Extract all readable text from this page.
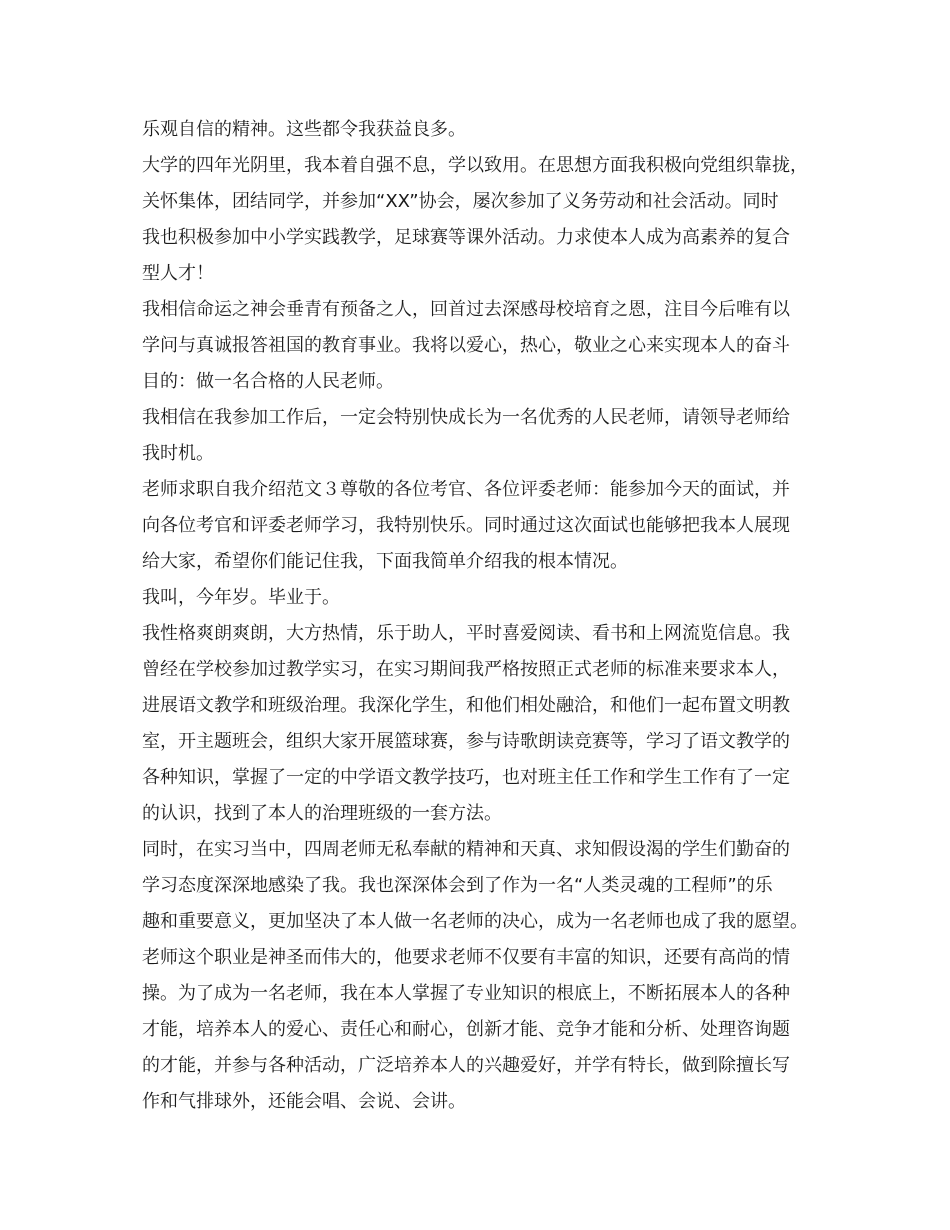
乐观自信的精神。这些都令我获益良多。
大学的四年光阴里，我本着自强不息，学以致用。在思想方面我积极向党组织靠拢，
关怀集体，团结同学，并参加“XX”协会，屡次参加了义务劳动和社会活动。同时
我也积极参加中小学实践教学，足球赛等课外活动。力求使本人成为高素养的复合
型人才！
我相信命运之神会垂青有预备之人，回首过去深感母校培育之恩，注目今后唯有以
学问与真诚报答祖国的教育事业。我将以爱心，热心，敬业之心来实现本人的奋斗
目的：做一名合格的人民老师。
我相信在我参加工作后，一定会特别快成长为一名优秀的人民老师，请领导老师给
我时机。
老师求职自我介绍范文３尊敬的各位考官、各位评委老师：能参加今天的面试，并
向各位考官和评委老师学习，我特别快乐。同时通过这次面试也能够把我本人展现
给大家，希望你们能记住我，下面我简单介绍我的根本情况。
我叫，今年岁。毕业于。
我性格爽朗爽朗，大方热情，乐于助人，平时喜爱阅读、看书和上网流览信息。我
曾经在学校参加过教学实习，在实习期间我严格按照正式老师的标准来要求本人，
进展语文教学和班级治理。我深化学生，和他们相处融洽，和他们一起布置文明教
室，开主题班会，组织大家开展篮球赛，参与诗歌朗读竞赛等，学习了语文教学的
各种知识，掌握了一定的中学语文教学技巧，也对班主任工作和学生工作有了一定
的认识，找到了本人的治理班级的一套方法。
同时，在实习当中，四周老师无私奉献的精神和天真、求知假设渴的学生们勤奋的
学习态度深深地感染了我。我也深深体会到了作为一名“人类灵魂的工程师”的乐
趣和重要意义，更加坚决了本人做一名老师的决心，成为一名老师也成了我的愿望。
老师这个职业是神圣而伟大的，他要求老师不仅要有丰富的知识，还要有高尚的情
操。为了成为一名老师，我在本人掌握了专业知识的根底上，不断拓展本人的各种
才能，培养本人的爱心、责任心和耐心，创新才能、竞争才能和分析、处理咨询题
的才能，并参与各种活动，广泛培养本人的兴趣爱好，并学有特长，做到除擅长写
作和气排球外，还能会唱、会说、会讲。
